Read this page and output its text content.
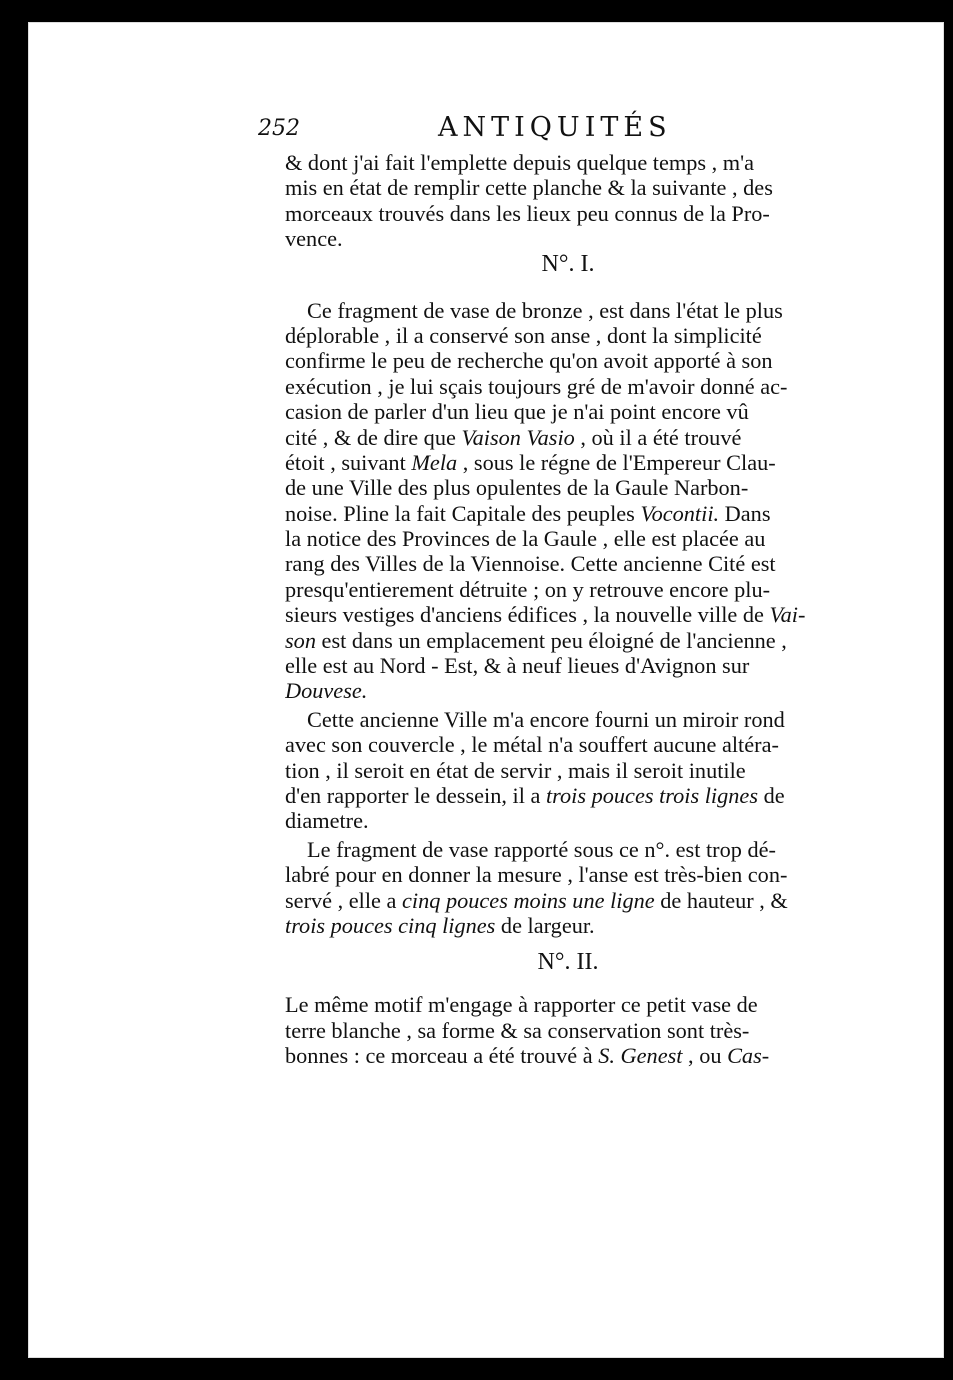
252	ANTIQUITÉS
& dont j'ai fait l'emplette depuis quelque temps , m'a
mis en état de remplir cette planche & la suivante , des
morceaux trouvés dans les lieux peu connus de la Pro-
vence.
N°. I.
Ce fragment de vase de bronze , est dans l'état le plus
déplorable , il a conservé son anse , dont la simplicité
confirme le peu de recherche qu'on avoit apporté à son
exécution , je lui sçais toujours gré de m'avoir donné ac-
casion de parler d'un lieu que je n'ai point encore vû
cité , & de dire que Vaison Vasio , où il a été trouvé
étoit , suivant Mela , sous le régne de l'Empereur Clau-
de une Ville des plus opulentes de la Gaule Narbon-
noise. Pline la fait Capitale des peuples Vocontii. Dans
la notice des Provinces de la Gaule , elle est placée au
rang des Villes de la Viennoise. Cette ancienne Cité est
presqu'entierement détruite ; on y retrouve encore plu-
sieurs vestiges d'anciens édifices , la nouvelle ville de Vai-
son est dans un emplacement peu éloigné de l'ancienne ,
elle est au Nord - Est, & à neuf lieues d'Avignon sur
Douvese.
Cette ancienne Ville m'a encore fourni un miroir rond
avec son couvercle , le métal n'a souffert aucune altéra-
tion , il seroit en état de servir , mais il seroit inutile
d'en rapporter le dessein, il a trois pouces trois lignes de
diametre.
Le fragment de vase rapporté sous ce n°. est trop dé-
labré pour en donner la mesure , l'anse est très-bien con-
servé , elle a cinq pouces moins une ligne de hauteur , &
trois pouces cinq lignes de largeur.
N°. II.
Le même motif m'engage à rapporter ce petit vase de
terre blanche , sa forme & sa conservation sont très-
bonnes : ce morceau a été trouvé à S. Genest , ou Cas-
